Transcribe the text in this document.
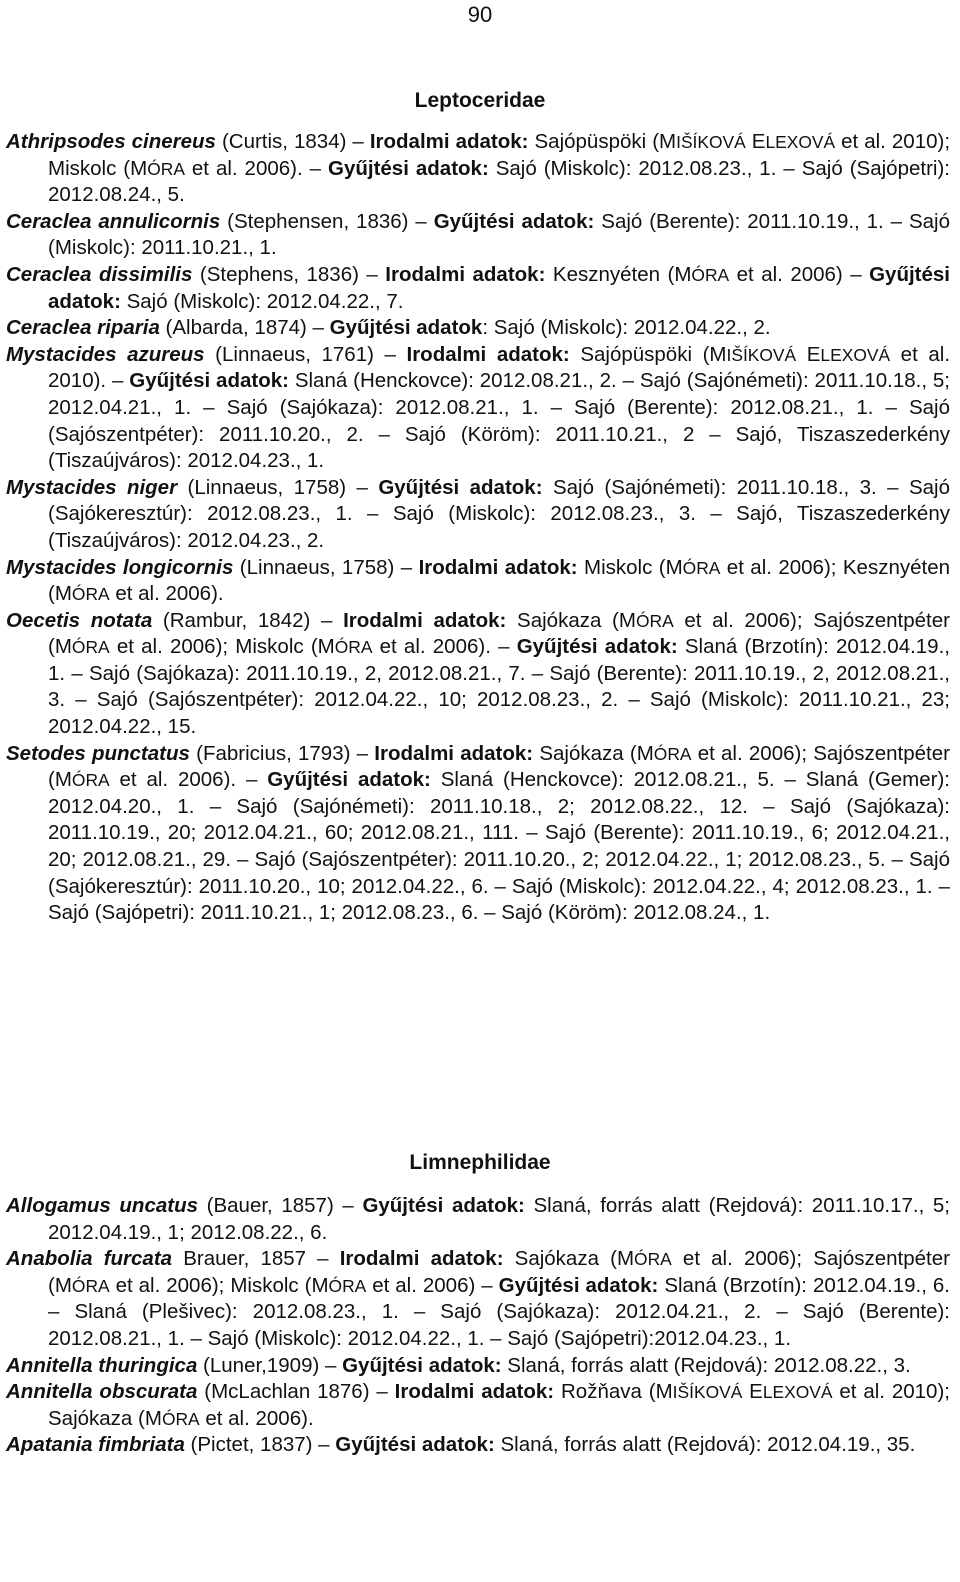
90
Leptoceridae

Athripsodes cinereus (Curtis, 1834) – Irodalmi adatok: Sajópüspöki (MIŠÍKOVÁ ELEXOVÁ et al. 2010); Miskolc (MÓRA et al. 2006). – Gyűjtési adatok: Sajó (Miskolc): 2012.08.23., 1. – Sajó (Sajópetri): 2012.08.24., 5.

Ceraclea annulicornis (Stephensen, 1836) – Gyűjtési adatok: Sajó (Berente): 2011.10.19., 1. – Sajó (Miskolc): 2011.10.21., 1.

Ceraclea dissimilis (Stephens, 1836) – Irodalmi adatok: Kesznyéten (MÓRA et al. 2006) – Gyűjtési adatok: Sajó (Miskolc): 2012.04.22., 7.

Ceraclea riparia (Albarda, 1874) – Gyűjtési adatok: Sajó (Miskolc): 2012.04.22., 2.

Mystacides azureus (Linnaeus, 1761) – Irodalmi adatok: Sajópüspöki (MIŠÍKOVÁ ELEXOVÁ et al. 2010). – Gyűjtési adatok: Slaná (Henckovce): 2012.08.21., 2. – Sajó (Sajónémeti): 2011.10.18., 5; 2012.04.21., 1. – Sajó (Sajókaza): 2012.08.21., 1. – Sajó (Berente): 2012.08.21., 1. – Sajó (Sajószentpéter): 2011.10.20., 2. – Sajó (Köröm): 2011.10.21., 2 – Sajó, Tiszaszederkény (Tiszaújváros): 2012.04.23., 1.

Mystacides niger (Linnaeus, 1758) – Gyűjtési adatok: Sajó (Sajónémeti): 2011.10.18., 3. – Sajó (Sajókeresztúr): 2012.08.23., 1. – Sajó (Miskolc): 2012.08.23., 3. – Sajó, Tiszaszederkény (Tiszaújváros): 2012.04.23., 2.

Mystacides longicornis (Linnaeus, 1758) – Irodalmi adatok: Miskolc (MÓRA et al. 2006); Kesznyéten (MÓRA et al. 2006).

Oecetis notata (Rambur, 1842) – Irodalmi adatok: Sajókaza (MÓRA et al. 2006); Sajószentpéter (MÓRA et al. 2006); Miskolc (MÓRA et al. 2006). – Gyűjtési adatok: Slaná (Brzotín): 2012.04.19., 1. – Sajó (Sajókaza): 2011.10.19., 2, 2012.08.21., 7. – Sajó (Berente): 2011.10.19., 2, 2012.08.21., 3. – Sajó (Sajószentpéter): 2012.04.22., 10; 2012.08.23., 2. – Sajó (Miskolc): 2011.10.21., 23; 2012.04.22., 15.

Setodes punctatus (Fabricius, 1793) – Irodalmi adatok: Sajókaza (MÓRA et al. 2006); Sajószentpéter (MÓRA et al. 2006). – Gyűjtési adatok: Slaná (Henckovce): 2012.08.21., 5. – Slaná (Gemer): 2012.04.20., 1. – Sajó (Sajónémeti): 2011.10.18., 2; 2012.08.22., 12. – Sajó (Sajókaza): 2011.10.19., 20; 2012.04.21., 60; 2012.08.21., 111. – Sajó (Berente): 2011.10.19., 6; 2012.04.21., 20; 2012.08.21., 29. – Sajó (Sajószentpéter): 2011.10.20., 2; 2012.04.22., 1; 2012.08.23., 5. – Sajó (Sajókeresztúr): 2011.10.20., 10; 2012.04.22., 6. – Sajó (Miskolc): 2012.04.22., 4; 2012.08.23., 1. – Sajó (Sajópetri): 2011.10.21., 1; 2012.08.23., 6. – Sajó (Köröm): 2012.08.24., 1.

Limnephilidae

Allogamus uncatus (Bauer, 1857) – Gyűjtési adatok: Slaná, forrás alatt (Rejdová): 2011.10.17., 5; 2012.04.19., 1; 2012.08.22., 6.

Anabolia furcata Brauer, 1857 – Irodalmi adatok: Sajókaza (MÓRA et al. 2006); Sajószentpéter (MÓRA et al. 2006); Miskolc (MÓRA et al. 2006) – Gyűjtési adatok: Slaná (Brzotín): 2012.04.19., 6. – Slaná (Plešivec): 2012.08.23., 1. – Sajó (Sajókaza): 2012.04.21., 2. – Sajó (Berente): 2012.08.21., 1. – Sajó (Miskolc): 2012.04.22., 1. – Sajó (Sajópetri):2012.04.23., 1.

Annitella thuringica (Luner,1909) – Gyűjtési adatok: Slaná, forrás alatt (Rejdová): 2012.08.22., 3.

Annitella obscurata (McLachlan 1876) – Irodalmi adatok: Rožňava (MIŠÍKOVÁ ELEXOVÁ et al. 2010); Sajókaza (MÓRA et al. 2006).

Apatania fimbriata (Pictet, 1837) – Gyűjtési adatok: Slaná, forrás alatt (Rejdová): 2012.04.19., 35.
